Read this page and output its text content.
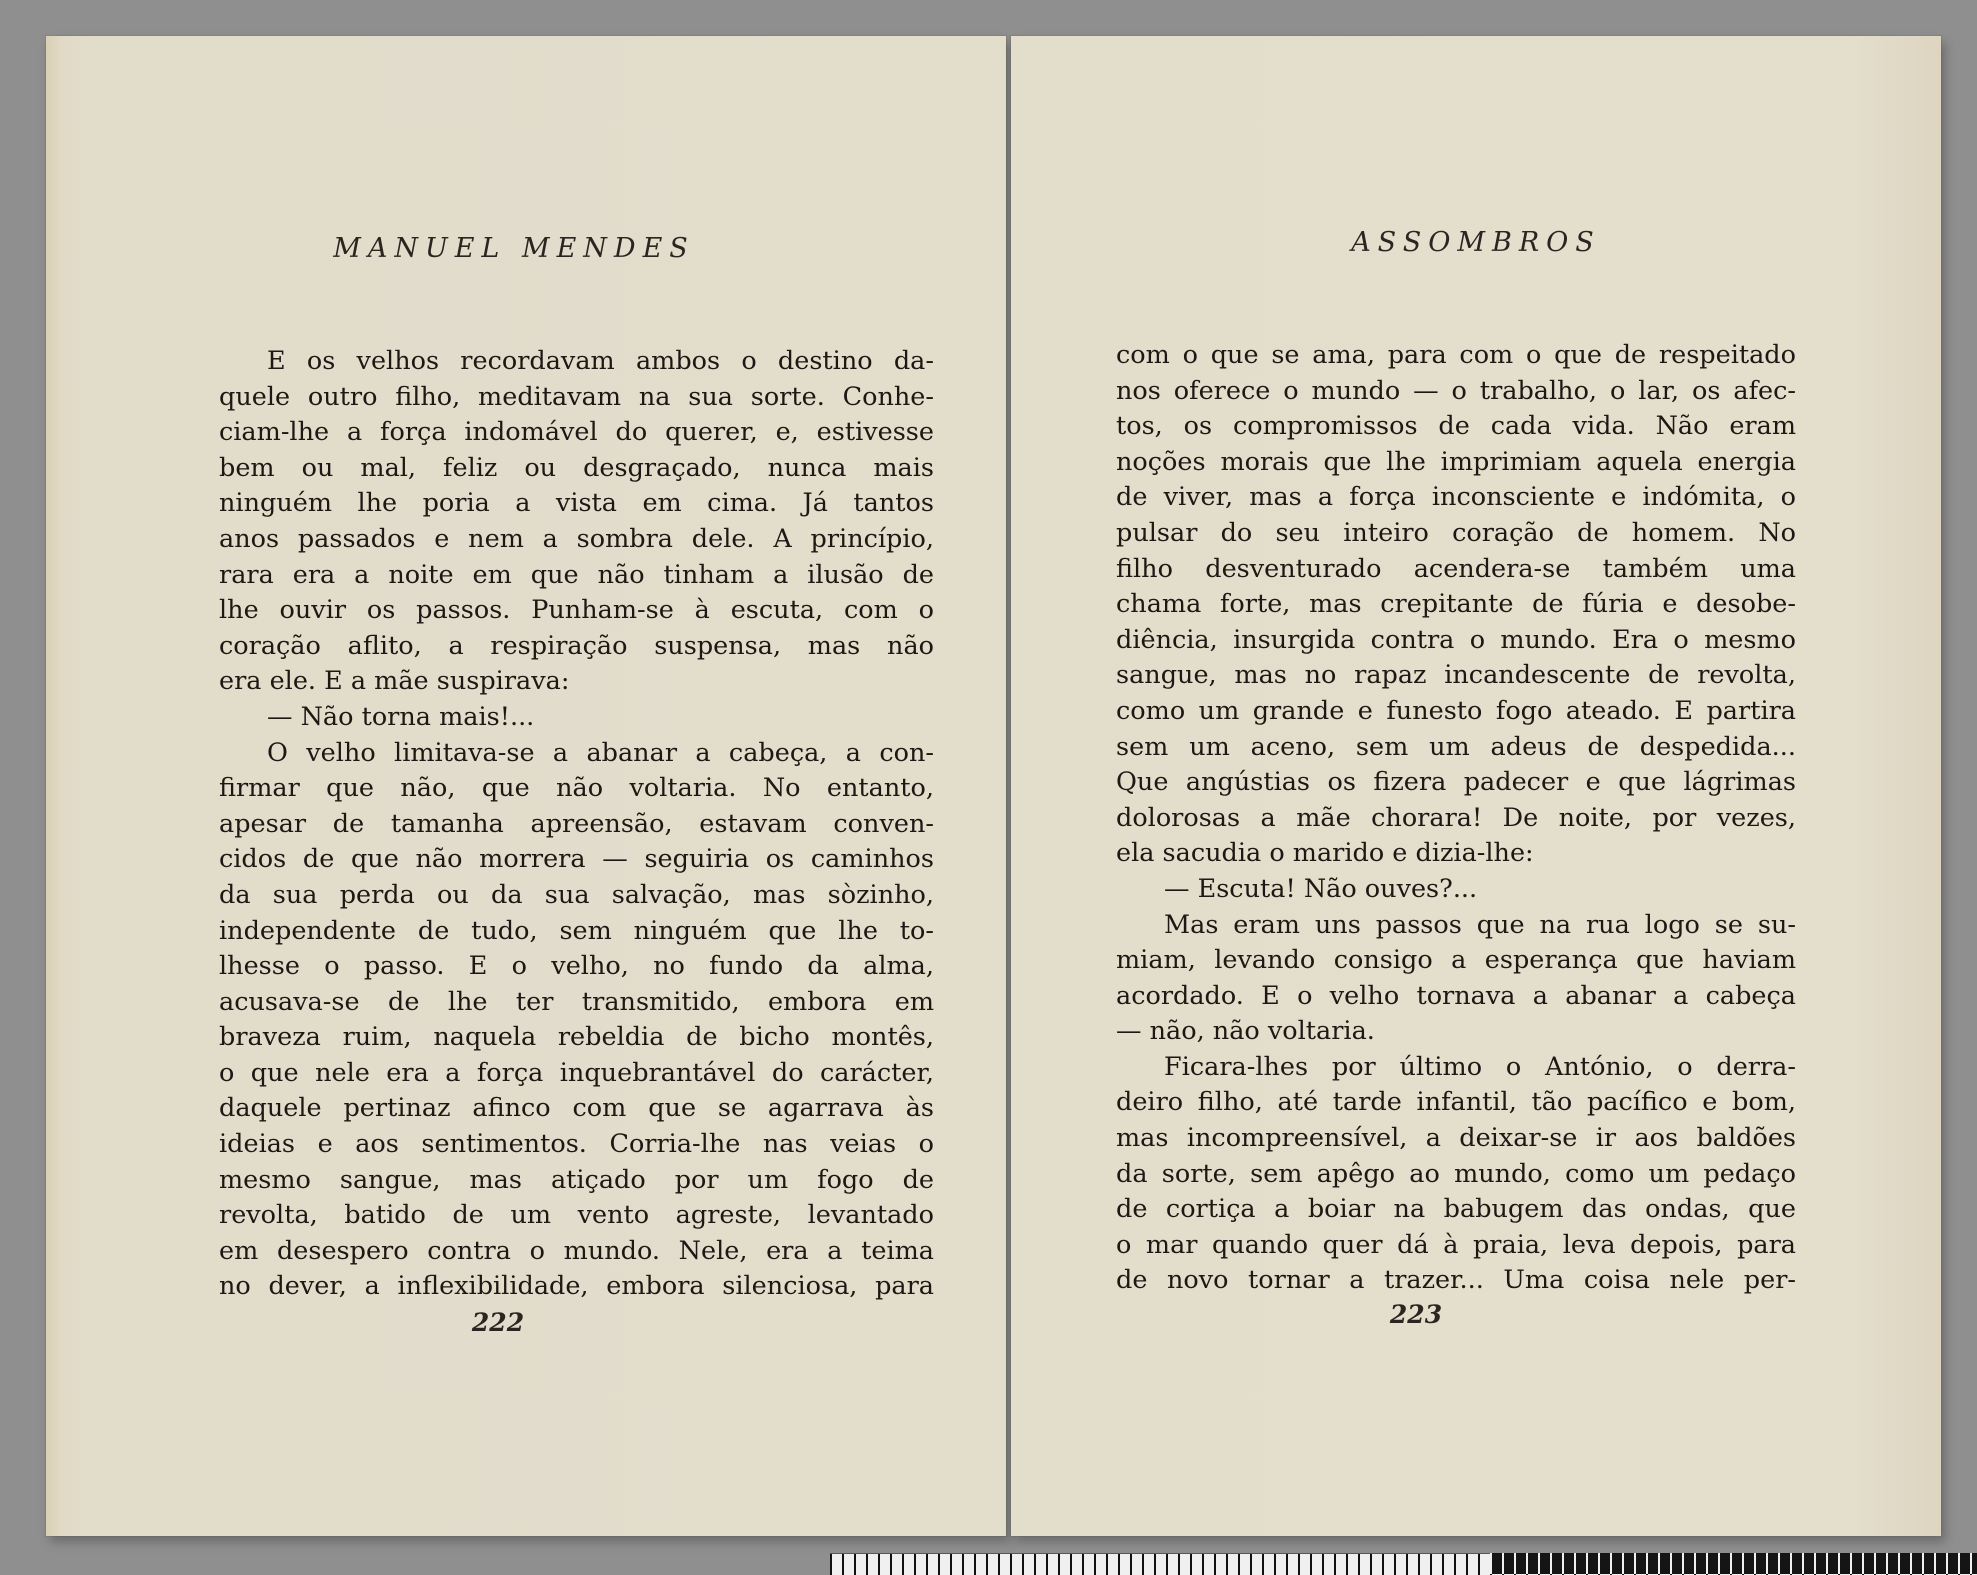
MANUEL MENDES
E os velhos recordavam ambos o destino da-
quele outro filho, meditavam na sua sorte. Conhe-
ciam-lhe a força indomável do querer, e, estivesse
bem ou mal, feliz ou desgraçado, nunca mais
ninguém lhe poria a vista em cima. Já tantos
anos passados e nem a sombra dele. A princípio,
rara era a noite em que não tinham a ilusão de
lhe ouvir os passos. Punham-se à escuta, com o
coração aflito, a respiração suspensa, mas não
era ele. E a mãe suspirava:
— Não torna mais!...
O velho limitava-se a abanar a cabeça, a con-
firmar que não, que não voltaria. No entanto,
apesar de tamanha apreensão, estavam conven-
cidos de que não morrera — seguiria os caminhos
da sua perda ou da sua salvação, mas sòzinho,
independente de tudo, sem ninguém que lhe to-
lhesse o passo. E o velho, no fundo da alma,
acusava-se de lhe ter transmitido, embora em
braveza ruim, naquela rebeldia de bicho montês,
o que nele era a força inquebrantável do carácter,
daquele pertinaz afinco com que se agarrava às
ideias e aos sentimentos. Corria-lhe nas veias o
mesmo sangue, mas atiçado por um fogo de
revolta, batido de um vento agreste, levantado
em desespero contra o mundo. Nele, era a teima
no dever, a inflexibilidade, embora silenciosa, para
222
ASSOMBROS
com o que se ama, para com o que de respeitado
nos oferece o mundo — o trabalho, o lar, os afec-
tos, os compromissos de cada vida. Não eram
noções morais que lhe imprimiam aquela energia
de viver, mas a força inconsciente e indómita, o
pulsar do seu inteiro coração de homem. No
filho desventurado acendera-se também uma
chama forte, mas crepitante de fúria e desobe-
diência, insurgida contra o mundo. Era o mesmo
sangue, mas no rapaz incandescente de revolta,
como um grande e funesto fogo ateado. E partira
sem um aceno, sem um adeus de despedida...
Que angústias os fizera padecer e que lágrimas
dolorosas a mãe chorara! De noite, por vezes,
ela sacudia o marido e dizia-lhe:
— Escuta! Não ouves?...
Mas eram uns passos que na rua logo se su-
miam, levando consigo a esperança que haviam
acordado. E o velho tornava a abanar a cabeça
— não, não voltaria.
Ficara-lhes por último o António, o derra-
deiro filho, até tarde infantil, tão pacífico e bom,
mas incompreensível, a deixar-se ir aos baldões
da sorte, sem apêgo ao mundo, como um pedaço
de cortiça a boiar na babugem das ondas, que
o mar quando quer dá à praia, leva depois, para
de novo tornar a trazer... Uma coisa nele per-
223
